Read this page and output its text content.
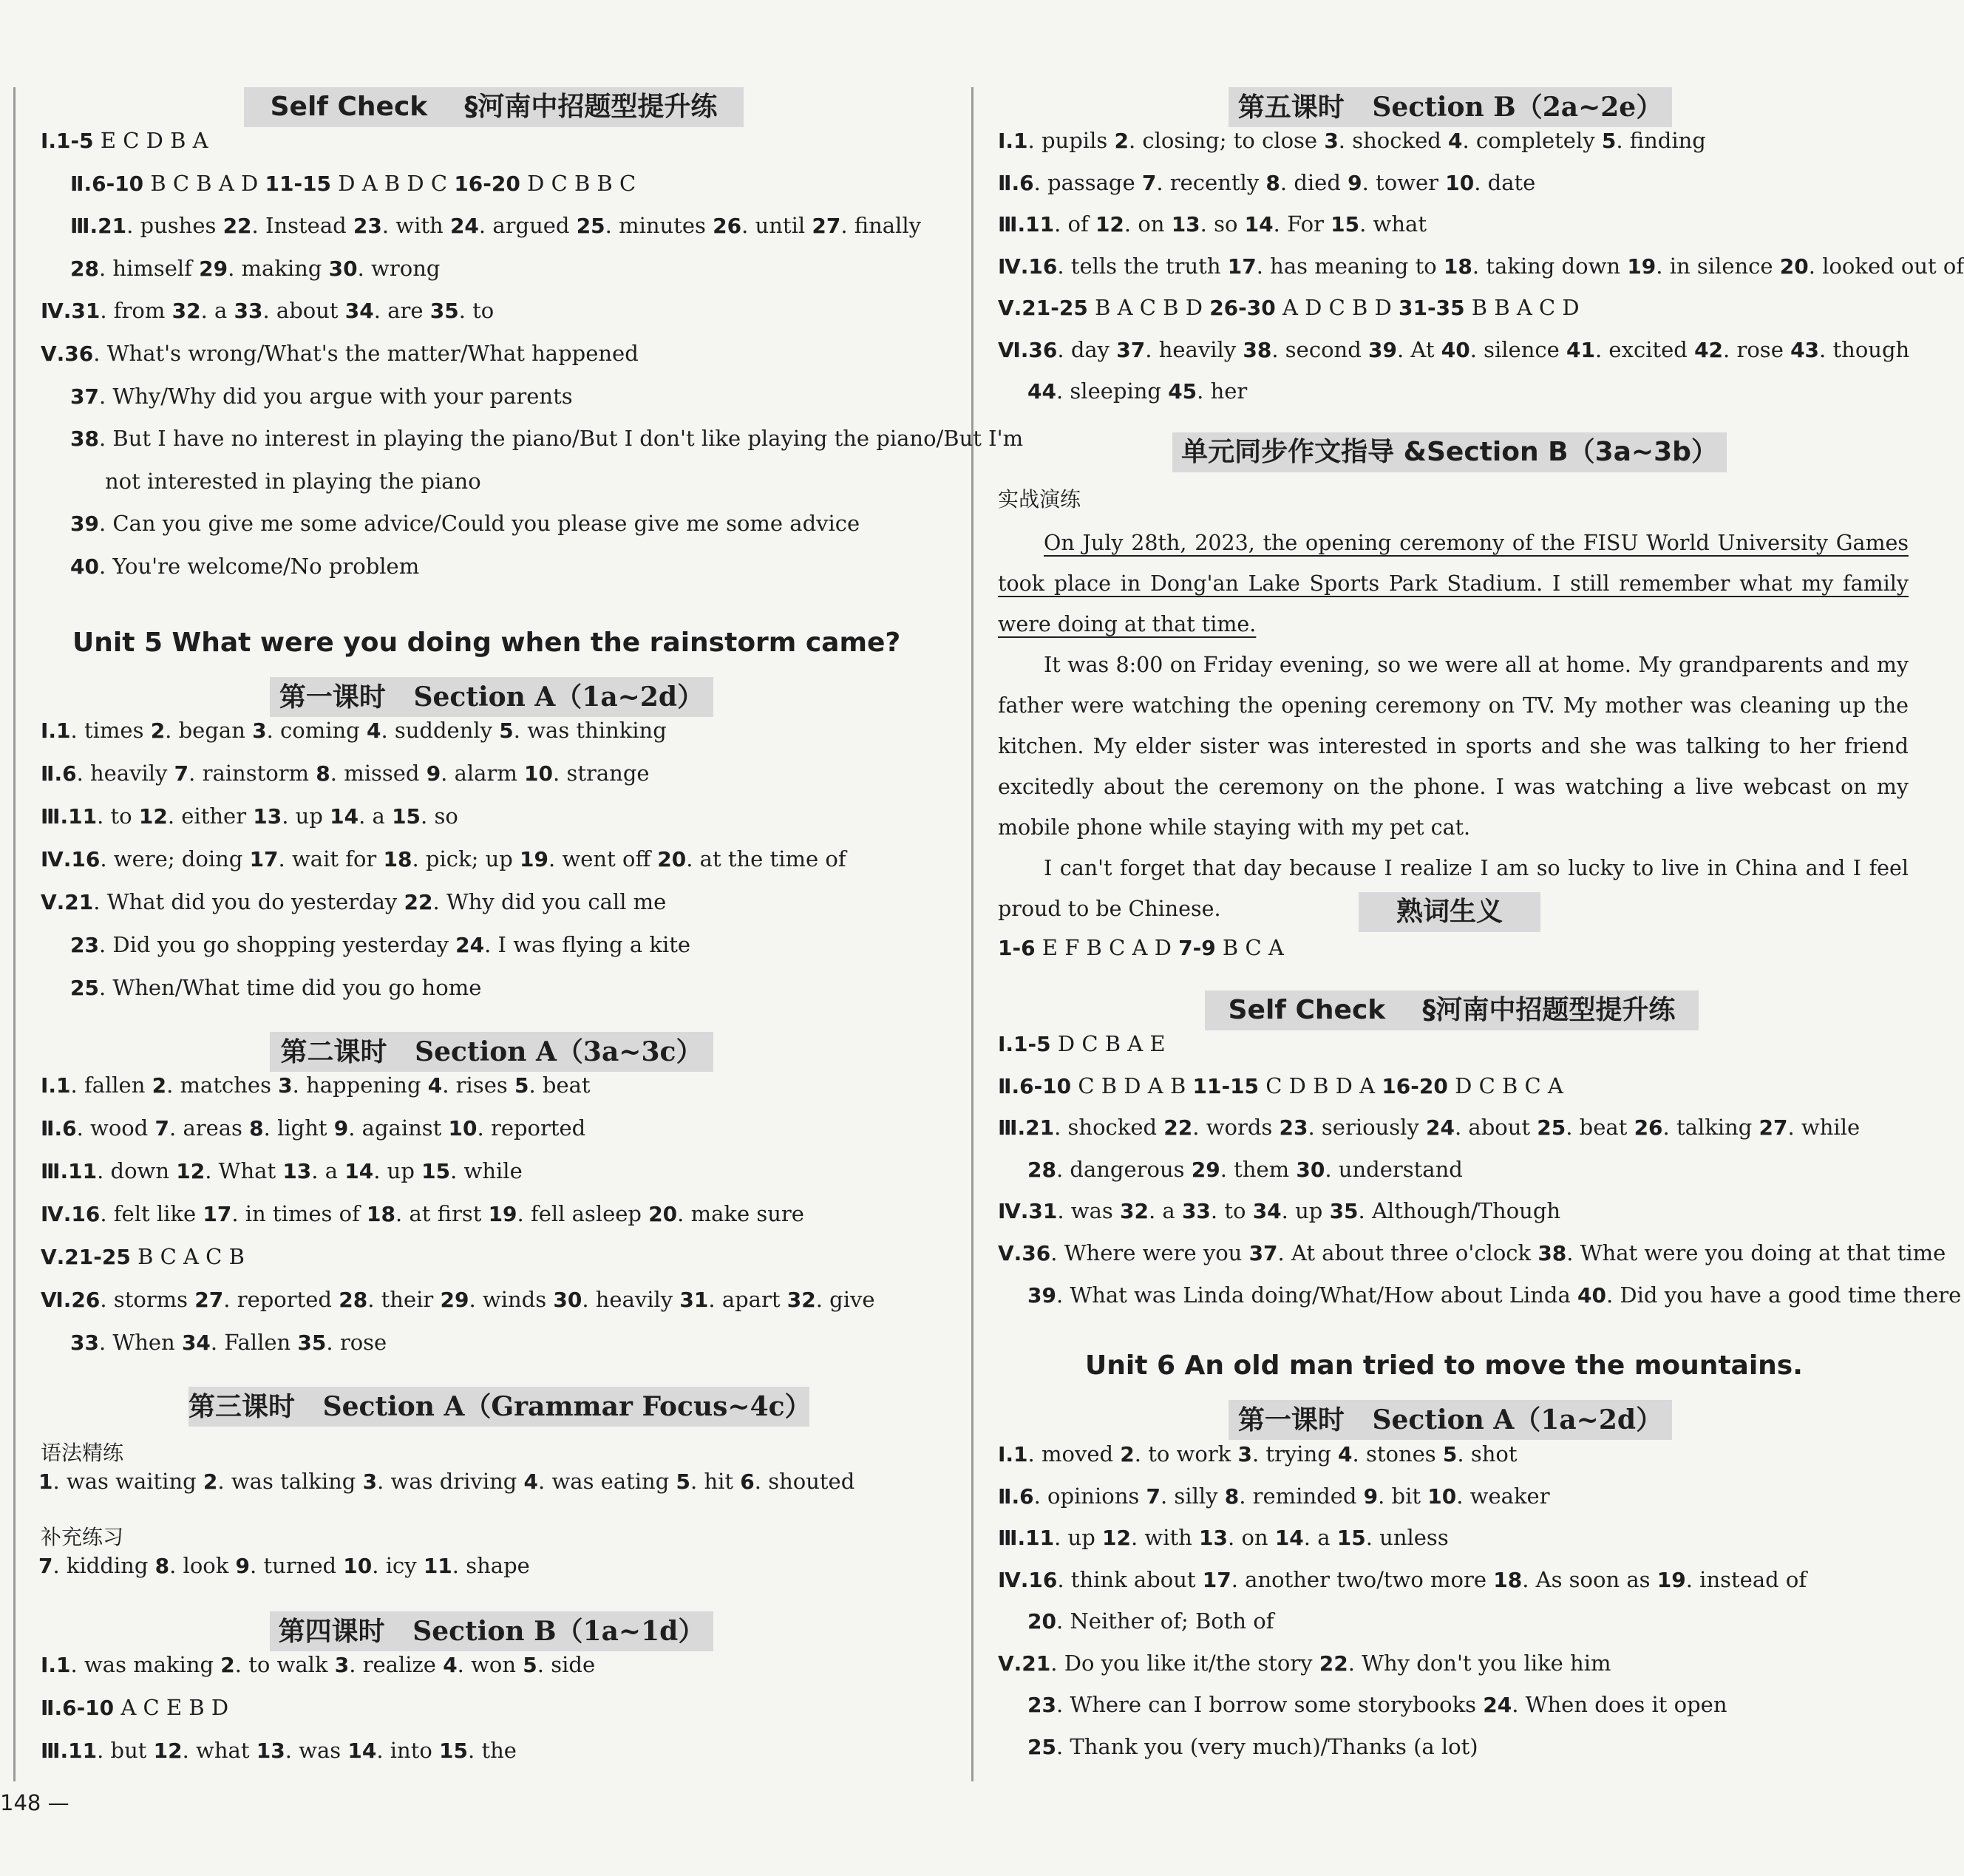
Self Check §河南中招题型提升练
Unit 5 What were you doing when the rainstorm came?
第一课时 Section A（1a~2d）
第二课时 Section A（3a~3c）
第三课时 Section A（Grammar Focus~4c）
语法精练
补充练习
第四课时 Section B（1a~1d）
148 —
Ⅰ.1-5 E C D B A
Ⅱ.6-10 B C B A D 11-15 D A B D C 16-20 D C B B C
Ⅲ.21. pushes 22. Instead 23. with 24. argued 25. minutes 26. until 27. finally
28. himself 29. making 30. wrong
Ⅳ.31. from 32. a 33. about 34. are 35. to
Ⅴ.36. What's wrong/What's the matter/What happened
37. Why/Why did you argue with your parents
38. But I have no interest in playing the piano/But I don't like playing the piano/But I'm
not interested in playing the piano
39. Can you give me some advice/Could you please give me some advice
40. You're welcome/No problem
Ⅰ.1. times 2. began 3. coming 4. suddenly 5. was thinking
Ⅱ.6. heavily 7. rainstorm 8. missed 9. alarm 10. strange
Ⅲ.11. to 12. either 13. up 14. a 15. so
Ⅳ.16. were; doing 17. wait for 18. pick; up 19. went off 20. at the time of
Ⅴ.21. What did you do yesterday 22. Why did you call me
23. Did you go shopping yesterday 24. I was flying a kite
25. When/What time did you go home
Ⅰ.1. fallen 2. matches 3. happening 4. rises 5. beat
Ⅱ.6. wood 7. areas 8. light 9. against 10. reported
Ⅲ.11. down 12. What 13. a 14. up 15. while
Ⅳ.16. felt like 17. in times of 18. at first 19. fell asleep 20. make sure
Ⅴ.21-25 B C A C B
Ⅵ.26. storms 27. reported 28. their 29. winds 30. heavily 31. apart 32. give
33. When 34. Fallen 35. rose
Ⅰ.1. was making 2. to walk 3. realize 4. won 5. side
Ⅱ.6-10 A C E B D
Ⅲ.11. but 12. what 13. was 14. into 15. the
1. was waiting 2. was talking 3. was driving 4. was eating 5. hit 6. shouted
7. kidding 8. look 9. turned 10. icy 11. shape
第五课时 Section B（2a~2e）
单元同步作文指导 &Section B（3a~3b）
实战演练

On July 28th, 2023, the opening ceremony of the FISU World University Games took place in Dong'an Lake Sports Park Stadium. I still remember what my family were doing at that time.

It was 8:00 on Friday evening, so we were all at home. My grandparents and my father were watching the opening ceremony on TV. My mother was cleaning up the kitchen. My elder sister was interested in sports and she was talking to her friend excitedly about the ceremony on the phone. I was watching a live webcast on my mobile phone while staying with my pet cat.

I can't forget that day because I realize I am so lucky to live in China and I feel proud to be Chinese.	熟词生义
Self Check §河南中招题型提升练
Unit 6 An old man tried to move the mountains.
第一课时 Section A（1a~2d）
Ⅰ.1. pupils 2. closing; to close 3. shocked 4. completely 5. finding
Ⅱ.6. passage 7. recently 8. died 9. tower 10. date
Ⅲ.11. of 12. on 13. so 14. For 15. what
Ⅳ.16. tells the truth 17. has meaning to 18. taking down 19. in silence 20. looked out of
Ⅴ.21-25 B A C B D 26-30 A D C B D 31-35 B B A C D
Ⅵ.36. day 37. heavily 38. second 39. At 40. silence 41. excited 42. rose 43. though
44. sleeping 45. her
Ⅰ.1-5 D C B A E
Ⅱ.6-10 C B D A B 11-15 C D B D A 16-20 D C B C A
Ⅲ.21. shocked 22. words 23. seriously 24. about 25. beat 26. talking 27. while
28. dangerous 29. them 30. understand
Ⅳ.31. was 32. a 33. to 34. up 35. Although/Though
Ⅴ.36. Where were you 37. At about three o'clock 38. What were you doing at that time
39. What was Linda doing/What/How about Linda 40. Did you have a good time there
Ⅰ.1. moved 2. to work 3. trying 4. stones 5. shot
Ⅱ.6. opinions 7. silly 8. reminded 9. bit 10. weaker
Ⅲ.11. up 12. with 13. on 14. a 15. unless
Ⅳ.16. think about 17. another two/two more 18. As soon as 19. instead of
20. Neither of; Both of
Ⅴ.21. Do you like it/the story 22. Why don't you like him
23. Where can I borrow some storybooks 24. When does it open
25. Thank you (very much)/Thanks (a lot)
1-6 E F B C A D 7-9 B C A
